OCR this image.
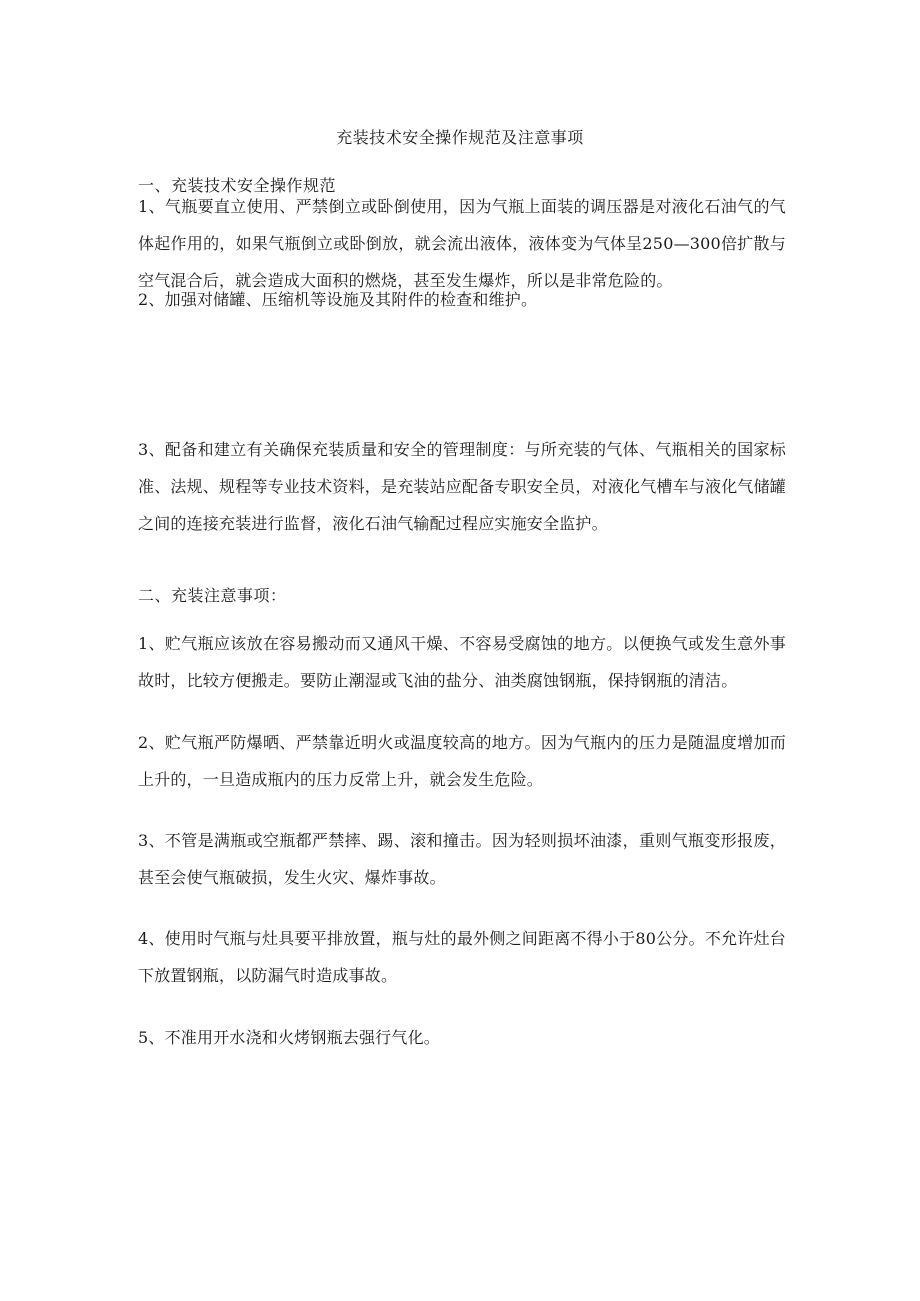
充装技术安全操作规范及注意事项
一、充装技术安全操作规范
1、气瓶要直立使用、严禁倒立或卧倒使用，因为气瓶上面装的调压器是对液化石油气的气体起作用的，如果气瓶倒立或卧倒放，就会流出液体，液体变为气体呈250—300倍扩散与空气混合后，就会造成大面积的燃烧，甚至发生爆炸，所以是非常危险的。
2、加强对储罐、压缩机等设施及其附件的检查和维护。
3、配备和建立有关确保充装质量和安全的管理制度：与所充装的气体、气瓶相关的国家标准、法规、规程等专业技术资料，是充装站应配备专职安全员，对液化气槽车与液化气储罐之间的连接充装进行监督，液化石油气输配过程应实施安全监护。
二、充装注意事项：
1、贮气瓶应该放在容易搬动而又通风干燥、不容易受腐蚀的地方。以便换气或发生意外事故时，比较方便搬走。要防止潮湿或飞油的盐分、油类腐蚀钢瓶，保持钢瓶的清洁。
2、贮气瓶严防爆晒、严禁靠近明火或温度较高的地方。因为气瓶内的压力是随温度增加而上升的，一旦造成瓶内的压力反常上升，就会发生危险。
3、不管是满瓶或空瓶都严禁摔、踢、滚和撞击。因为轻则损坏油漆，重则气瓶变形报废，甚至会使气瓶破损，发生火灾、爆炸事故。
4、使用时气瓶与灶具要平排放置，瓶与灶的最外侧之间距离不得小于80公分。不允许灶台下放置钢瓶，以防漏气时造成事故。
5、不准用开水浇和火烤钢瓶去强行气化。
